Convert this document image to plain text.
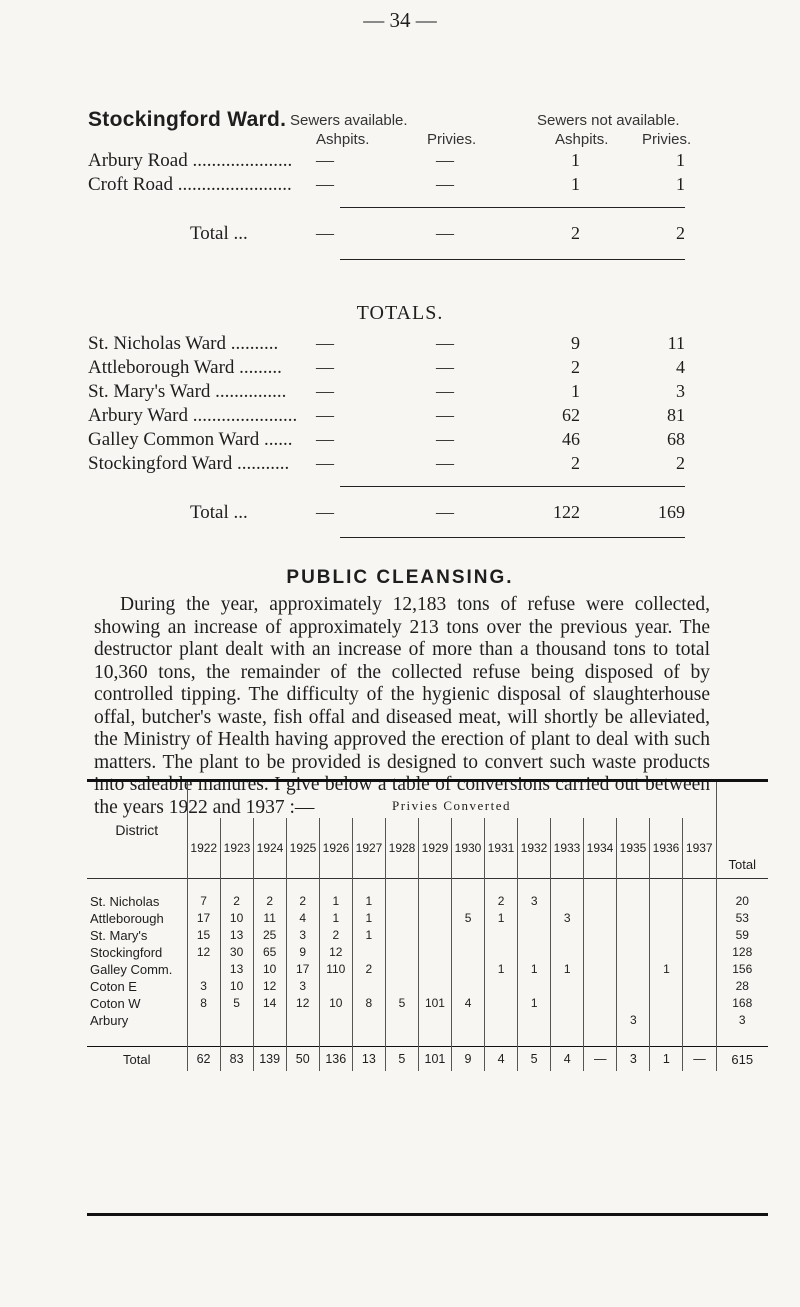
— 34 —
Stockingford Ward. Sewers available.	Sewers not available.
Ashpits.	Privies.	Ashpits. Privies.
Arbury Road .....................	—	—	1	1
Croft Road ........................	—	—	1	1
Total ...	—	—	2	2
TOTALS.
St. Nicholas Ward ..........	—	—	9	11
Attleborough Ward .........	—	—	2	4
St. Mary's Ward ...............	—	—	1	3
Arbury Ward ......................	—	—	62	81
Galley Common Ward ......	—	—	46	68
Stockingford Ward ...........	—	—	2	2
Total ...	—	—	122	169
PUBLIC CLEANSING.

During the year, approximately 12,183 tons of refuse were collected, showing an increase of approximately 213 tons over the previous year. The destructor plant dealt with an increase of more than a thousand tons to total 10,360 tons, the remainder of the collected refuse being disposed of by controlled tipping. The difficulty of the hygienic disposal of slaughterhouse offal, butcher's waste, fish offal and diseased meat, will shortly be alleviated, the Ministry of Health having approved the erection of plant to deal with such matters. The plant to be provided is designed to convert such waste products into saleable manures. I give below a table of conversions carried out between the years 1922 and 1937 :—

District	
Privies Converted
1922	1923	1924	1925	1926	1927	1928	1929	1930	1931	1932	1933	1934	1935	1936	1937
	Total

St. Nicholas	7	2	2	2	1	1				2	3						20
Attleborough	17	10	11	4	1	1			5	1		3					53
St. Mary's	15	13	25	3	2	1											59
Stockingford	12	30	65	9	12												128
Galley Comm.		13	10	17	110	2				1	1	1			1		156
Coton E	3	10	12	3													28
Coton W	8	5	14	12	10	8	5	101	4		1						168
Arbury														3			3

Total	62	83	139	50	136	13	5	101	9	4	5	4	—	3	1	—	615
